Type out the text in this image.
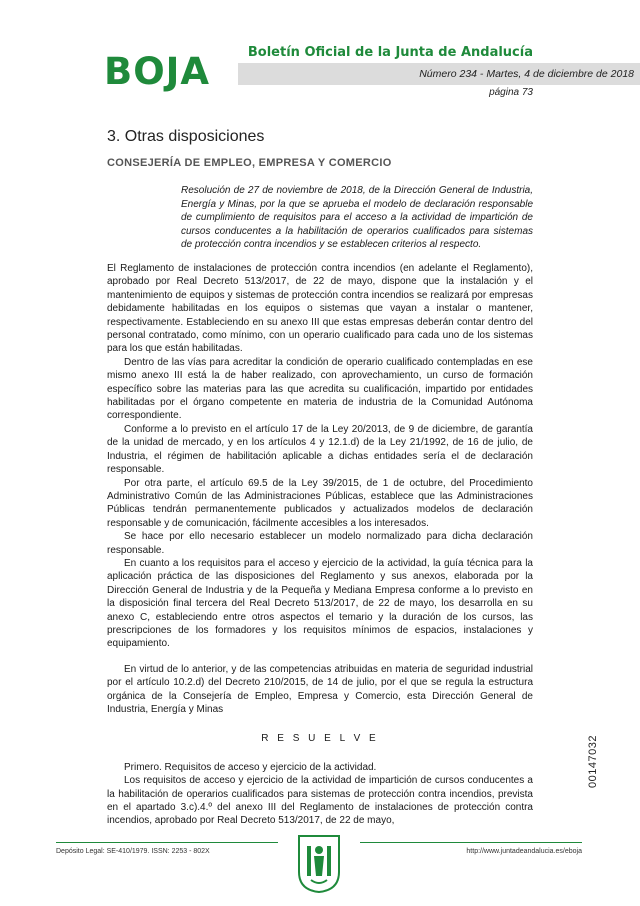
BOJA	Boletín Oficial de la Junta de Andalucía
Número 234 - Martes, 4 de diciembre de 2018
página 73
3. Otras disposiciones
CONSEJERÍA DE EMPLEO, EMPRESA Y COMERCIO
Resolución de 27 de noviembre de 2018, de la Dirección General de Industria, Energía y Minas, por la que se aprueba el modelo de declaración responsable de cumplimiento de requisitos para el acceso a la actividad de impartición de cursos conducentes a la habilitación de operarios cualificados para sistemas de protección contra incendios y se establecen criterios al respecto.

El Reglamento de instalaciones de protección contra incendios (en adelante el Reglamento), aprobado por Real Decreto 513/2017, de 22 de mayo, dispone que la instalación y el mantenimiento de equipos y sistemas de protección contra incendios se realizará por empresas debidamente habilitadas en los equipos o sistemas que vayan a instalar o mantener, respectivamente. Estableciendo en su anexo III que estas empresas deberán contar dentro del personal contratado, como mínimo, con un operario cualificado para cada uno de los sistemas para los que están habilitadas.

Dentro de las vías para acreditar la condición de operario cualificado contempladas en ese mismo anexo III está la de haber realizado, con aprovechamiento, un curso de formación específico sobre las materias para las que acredita su cualificación, impartido por entidades habilitadas por el órgano competente en materia de industria de la Comunidad Autónoma correspondiente.

Conforme a lo previsto en el artículo 17 de la Ley 20/2013, de 9 de diciembre, de garantía de la unidad de mercado, y en los artículos 4 y 12.1.d) de la Ley 21/1992, de 16 de julio, de Industria, el régimen de habilitación aplicable a dichas entidades sería el de declaración responsable.

Por otra parte, el artículo 69.5 de la Ley 39/2015, de 1 de octubre, del Procedimiento Administrativo Común de las Administraciones Públicas, establece que las Administraciones Públicas tendrán permanentemente publicados y actualizados modelos de declaración responsable y de comunicación, fácilmente accesibles a los interesados.

Se hace por ello necesario establecer un modelo normalizado para dicha declaración responsable.

En cuanto a los requisitos para el acceso y ejercicio de la actividad, la guía técnica para la aplicación práctica de las disposiciones del Reglamento y sus anexos, elaborada por la Dirección General de Industria y de la Pequeña y Mediana Empresa conforme a lo previsto en la disposición final tercera del Real Decreto 513/2017, de 22 de mayo, los desarrolla en su anexo C, estableciendo entre otros aspectos el temario y la duración de los cursos, las prescripciones de los formadores y los requisitos mínimos de espacios, instalaciones y equipamiento.

En virtud de lo anterior, y de las competencias atribuidas en materia de seguridad industrial por el artículo 10.2.d) del Decreto 210/2015, de 14 de julio, por el que se regula la estructura orgánica de la Consejería de Empleo, Empresa y Comercio, esta Dirección General de Industria, Energía y Minas

R E S U E L V E

Primero. Requisitos de acceso y ejercicio de la actividad.

Los requisitos de acceso y ejercicio de la actividad de impartición de cursos conducentes a la habilitación de operarios cualificados para sistemas de protección contra incendios, prevista en el apartado 3.c).4.º del anexo III del Reglamento de instalaciones de protección contra incendios, aprobado por Real Decreto 513/2017, de 22 de mayo,

00147032
Depósito Legal: SE-410/1979. ISSN: 2253 - 802X	http://www.juntadeandalucia.es/eboja
